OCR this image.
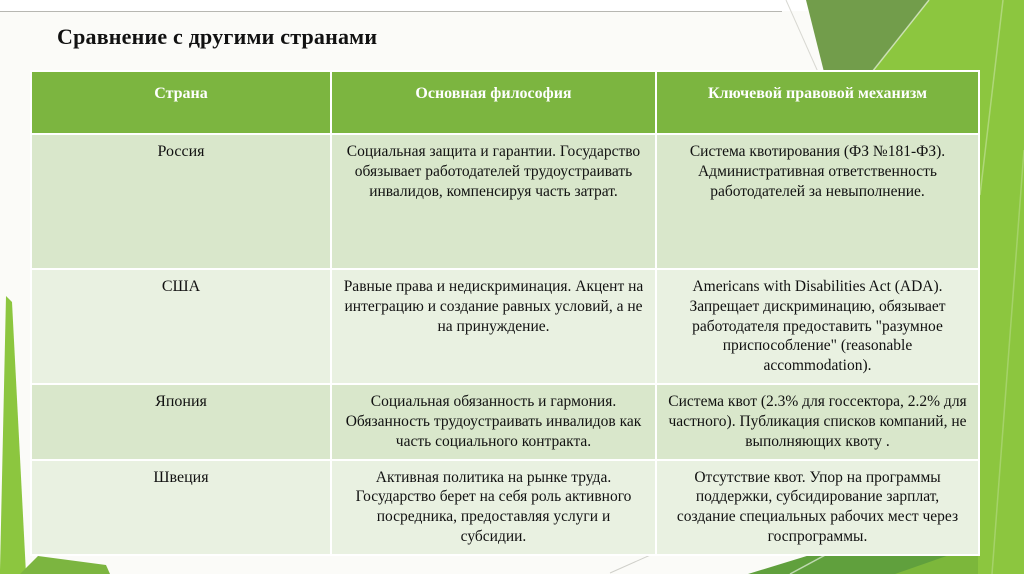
Сравнение с другими странами
Страна	Основная философия	Ключевой правовой механизм
Россия	Социальная защита и гарантии. Государство обязывает работодателей трудоустраивать инвалидов, компенсируя часть затрат.	Система квотирования (ФЗ №181-ФЗ). Административная ответственность работодателей за невыполнение.
США	Равные права и недискриминация. Акцент на интеграцию и создание равных условий, а не на принуждение.	Americans with Disabilities Act (ADA). Запрещает дискриминацию, обязывает работодателя предоставить "разумное приспособление" (reasonable accommodation).
Япония	Социальная обязанность и гармония. Обязанность трудоустраивать инвалидов как часть социального контракта.	Система квот (2.3% для госсектора, 2.2% для частного). Публикация списков компаний, не выполняющих квоту .
Швеция	Активная политика на рынке труда. Государство берет на себя роль активного посредника, предоставляя услуги и субсидии.	Отсутствие квот. Упор на программы поддержки, субсидирование зарплат, создание специальных рабочих мест через госпрограммы.
